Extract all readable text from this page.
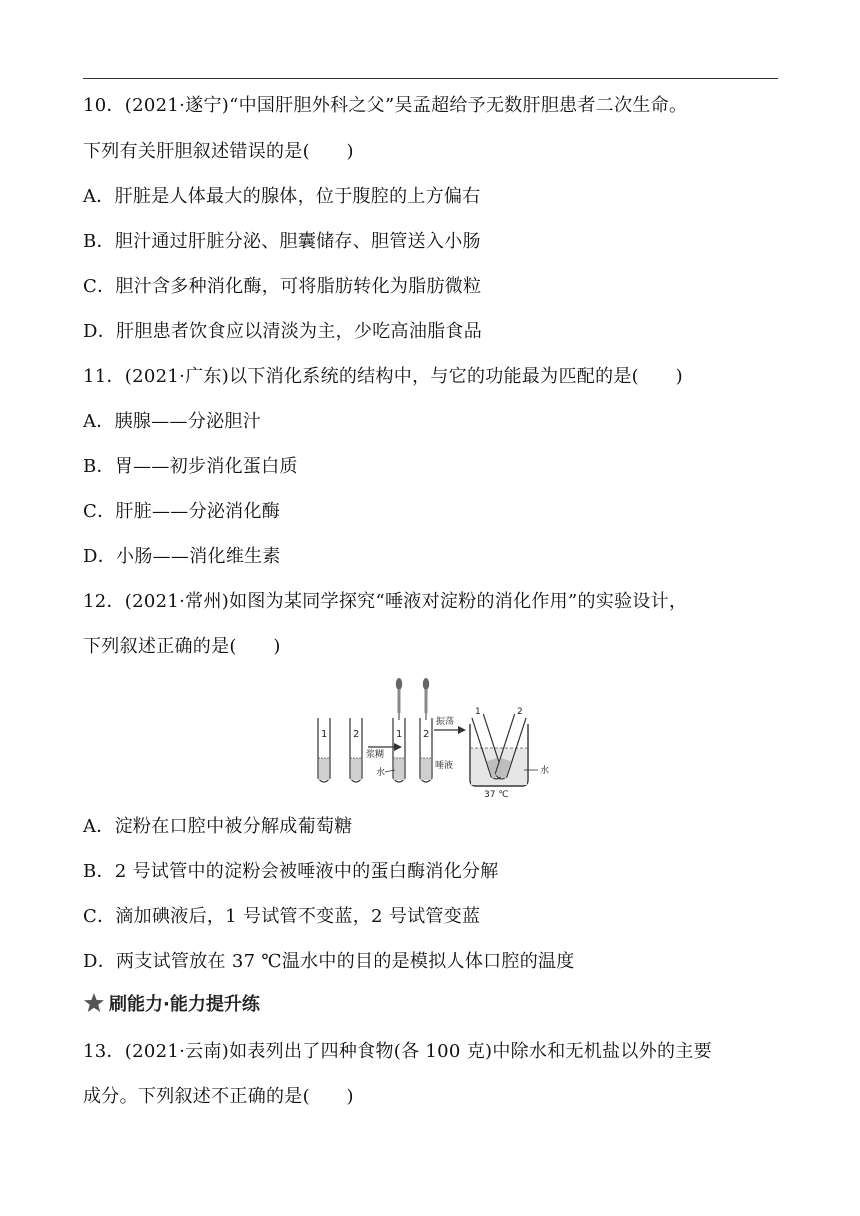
10．(2021·遂宁)“中国肝胆外科之父”吴孟超给予无数肝胆患者二次生命。
下列有关肝胆叙述错误的是(　　)
A．肝脏是人体最大的腺体，位于腹腔的上方偏右
B．胆汁通过肝脏分泌、胆囊储存、胆管送入小肠
C．胆汁含多种消化酶，可将脂肪转化为脂肪微粒
D．肝胆患者饮食应以清淡为主，少吃高油脂食品
11．(2021·广东)以下消化系统的结构中，与它的功能最为匹配的是(　　)
A．胰腺——分泌胆汁
B．胃——初步消化蛋白质
C．肝脏——分泌消化酶
D．小肠——消化维生素
12．(2021·常州)如图为某同学探究“唾液对淀粉的消化作用”的实验设计，
下列叙述正确的是(　　)
1	2
浆糊
1 2
水
唾液
振荡
1	2
水
37 ℃
A．淀粉在口腔中被分解成葡萄糖
B．2 号试管中的淀粉会被唾液中的蛋白酶消化分解
C．滴加碘液后，1 号试管不变蓝，2 号试管变蓝
D．两支试管放在 37 ℃温水中的目的是模拟人体口腔的温度
刷能力·能力提升练
13．(2021·云南)如表列出了四种食物(各 100 克)中除水和无机盐以外的主要
成分。下列叙述不正确的是(　　)
